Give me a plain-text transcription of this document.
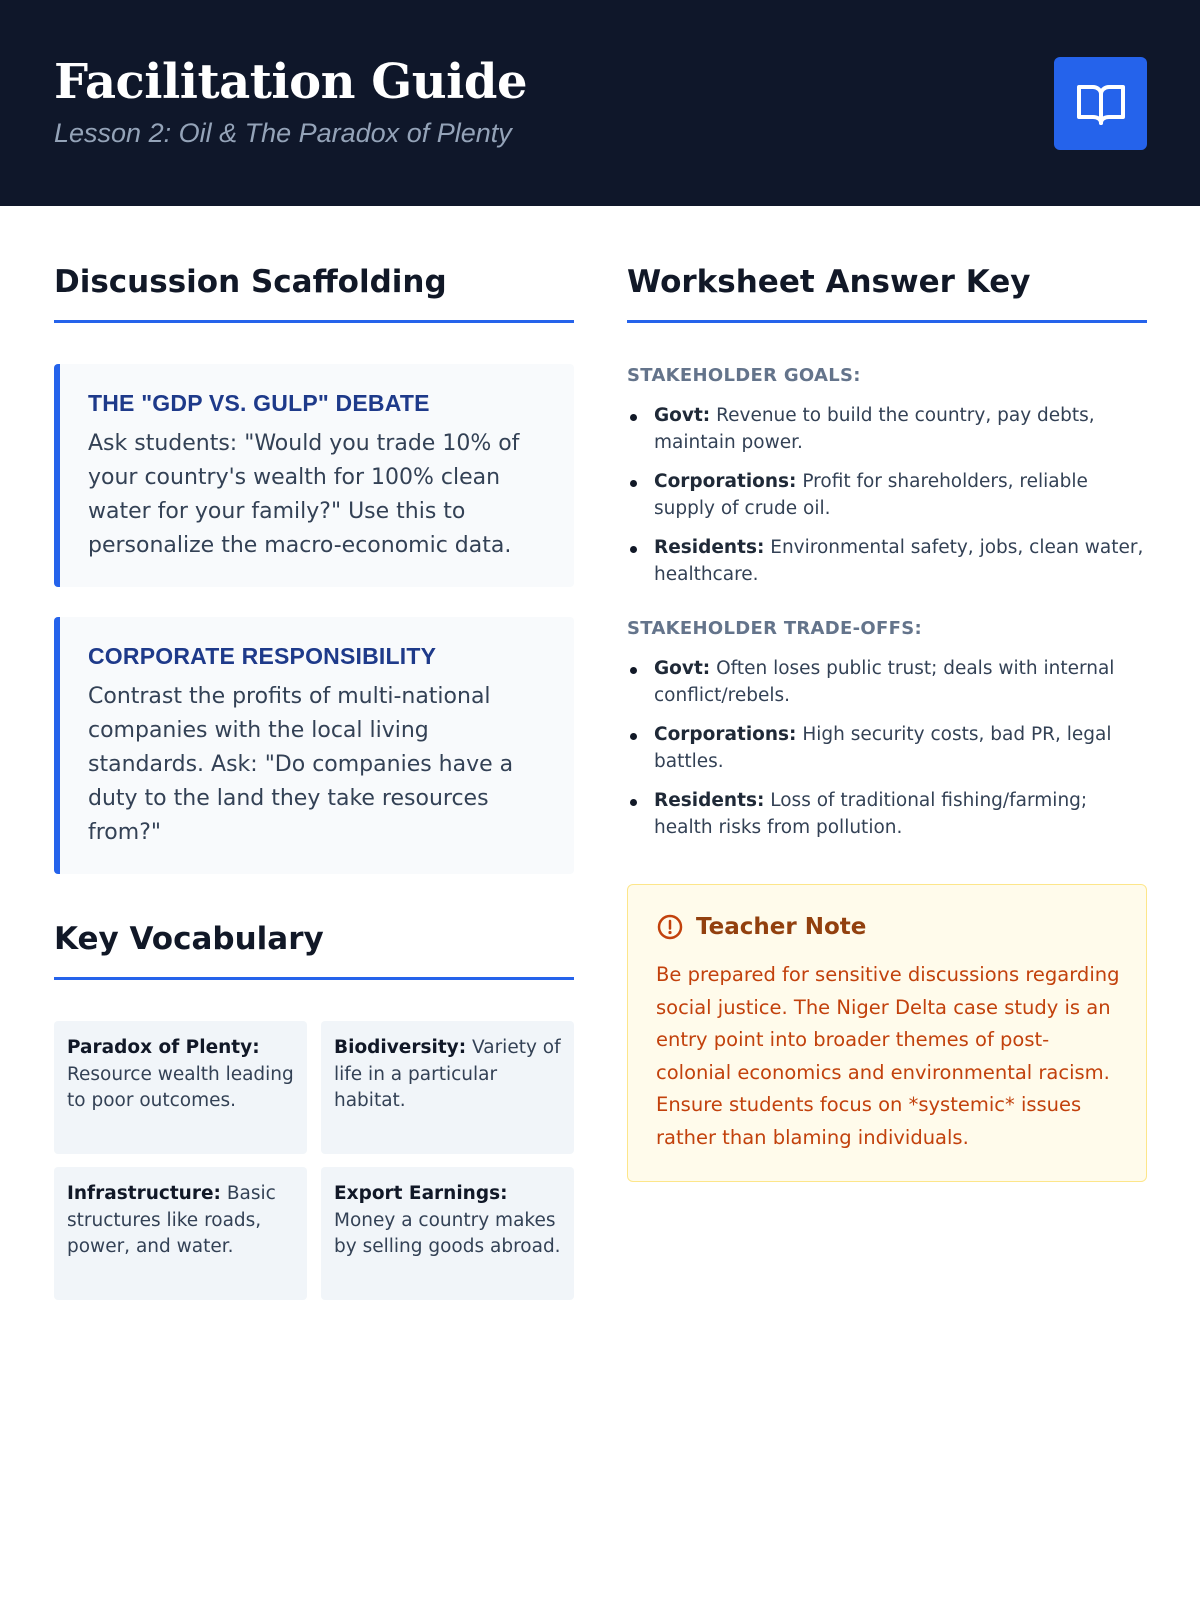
Facilitation Guide
Lesson 2: Oil & The Paradox of Plenty
Discussion Scaffolding
THE "GDP VS. GULP" DEBATE
Ask students: "Would you trade 10% of your country's wealth for 100% clean water for your family?" Use this to personalize the macro-economic data.
CORPORATE RESPONSIBILITY
Contrast the profits of multi-national companies with the local living standards. Ask: "Do companies have a duty to the land they take resources from?"
Key Vocabulary
Paradox of Plenty: Resource wealth leading to poor outcomes.
Biodiversity: Variety of life in a particular habitat.
Infrastructure: Basic structures like roads, power, and water.
Export Earnings: Money a country makes by selling goods abroad.
Worksheet Answer Key
STAKEHOLDER GOALS:
Govt: Revenue to build the country, pay debts, maintain power.
Corporations: Profit for shareholders, reliable supply of crude oil.
Residents: Environmental safety, jobs, clean water, healthcare.
STAKEHOLDER TRADE-OFFS:
Govt: Often loses public trust; deals with internal conflict/rebels.
Corporations: High security costs, bad PR, legal battles.
Residents: Loss of traditional fishing/farming; health risks from pollution.
Teacher Note
Be prepared for sensitive discussions regarding social justice. The Niger Delta case study is an entry point into broader themes of post-colonial economics and environmental racism. Ensure students focus on *systemic* issues rather than blaming individuals.
